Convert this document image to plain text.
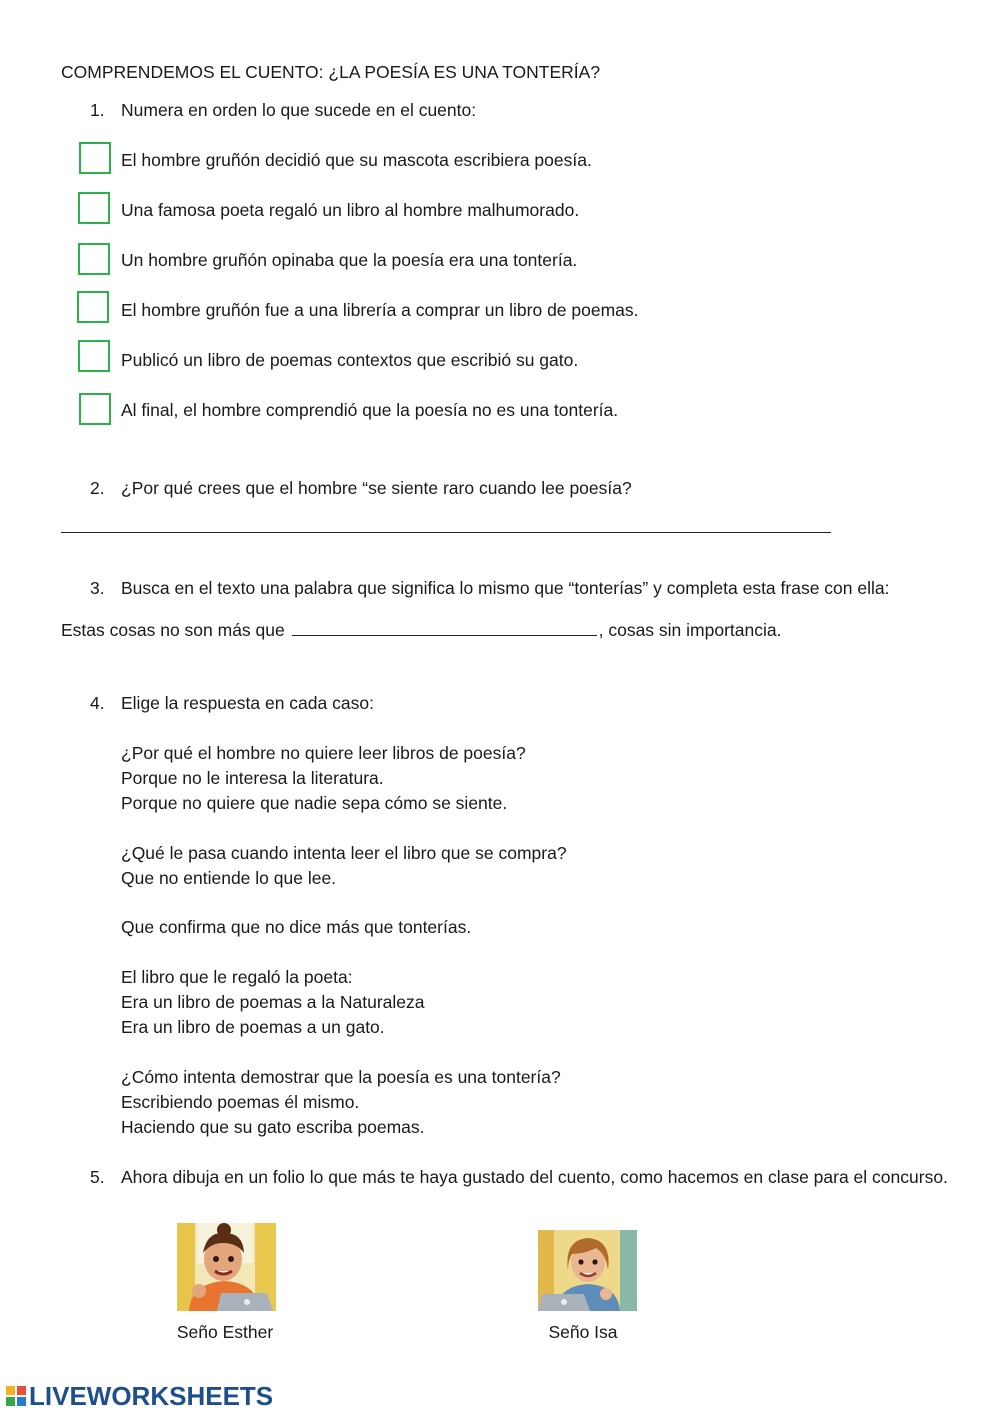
COMPRENDEMOS EL CUENTO: ¿LA POESÍA ES UNA TONTERÍA?
1. Numera en orden lo que sucede en el cuento:
El hombre gruñón decidió que su mascota escribiera poesía.
Una famosa poeta regaló un libro al hombre malhumorado.
Un hombre gruñón opinaba que la poesía era una tontería.
El hombre gruñón fue a una librería a comprar un libro de poemas.
Publicó un libro de poemas contextos que escribió su gato.
Al final, el hombre comprendió que la poesía no es una tontería.
2. ¿Por qué crees que el hombre “se siente raro cuando lee poesía?
3. Busca en el texto una palabra que significa lo mismo que “tonterías” y completa esta frase con ella:
Estas cosas no son más que	, cosas sin importancia.
4. Elige la respuesta en cada caso:
¿Por qué el hombre no quiere leer libros de poesía?
Porque no le interesa la literatura.
Porque no quiere que nadie sepa cómo se siente.
¿Qué le pasa cuando intenta leer el libro que se compra?
Que no entiende lo que lee.
Que confirma que no dice más que tonterías.
El libro que le regaló la poeta:
Era un libro de poemas a la Naturaleza
Era un libro de poemas a un gato.
¿Cómo intenta demostrar que la poesía es una tontería?
Escribiendo poemas él mismo.
Haciendo que su gato escriba poemas.
5. Ahora dibuja en un folio lo que más te haya gustado del cuento, como hacemos en clase para el concurso.
Seño Esther	Seño Isa
LIVEWORKSHEETS
